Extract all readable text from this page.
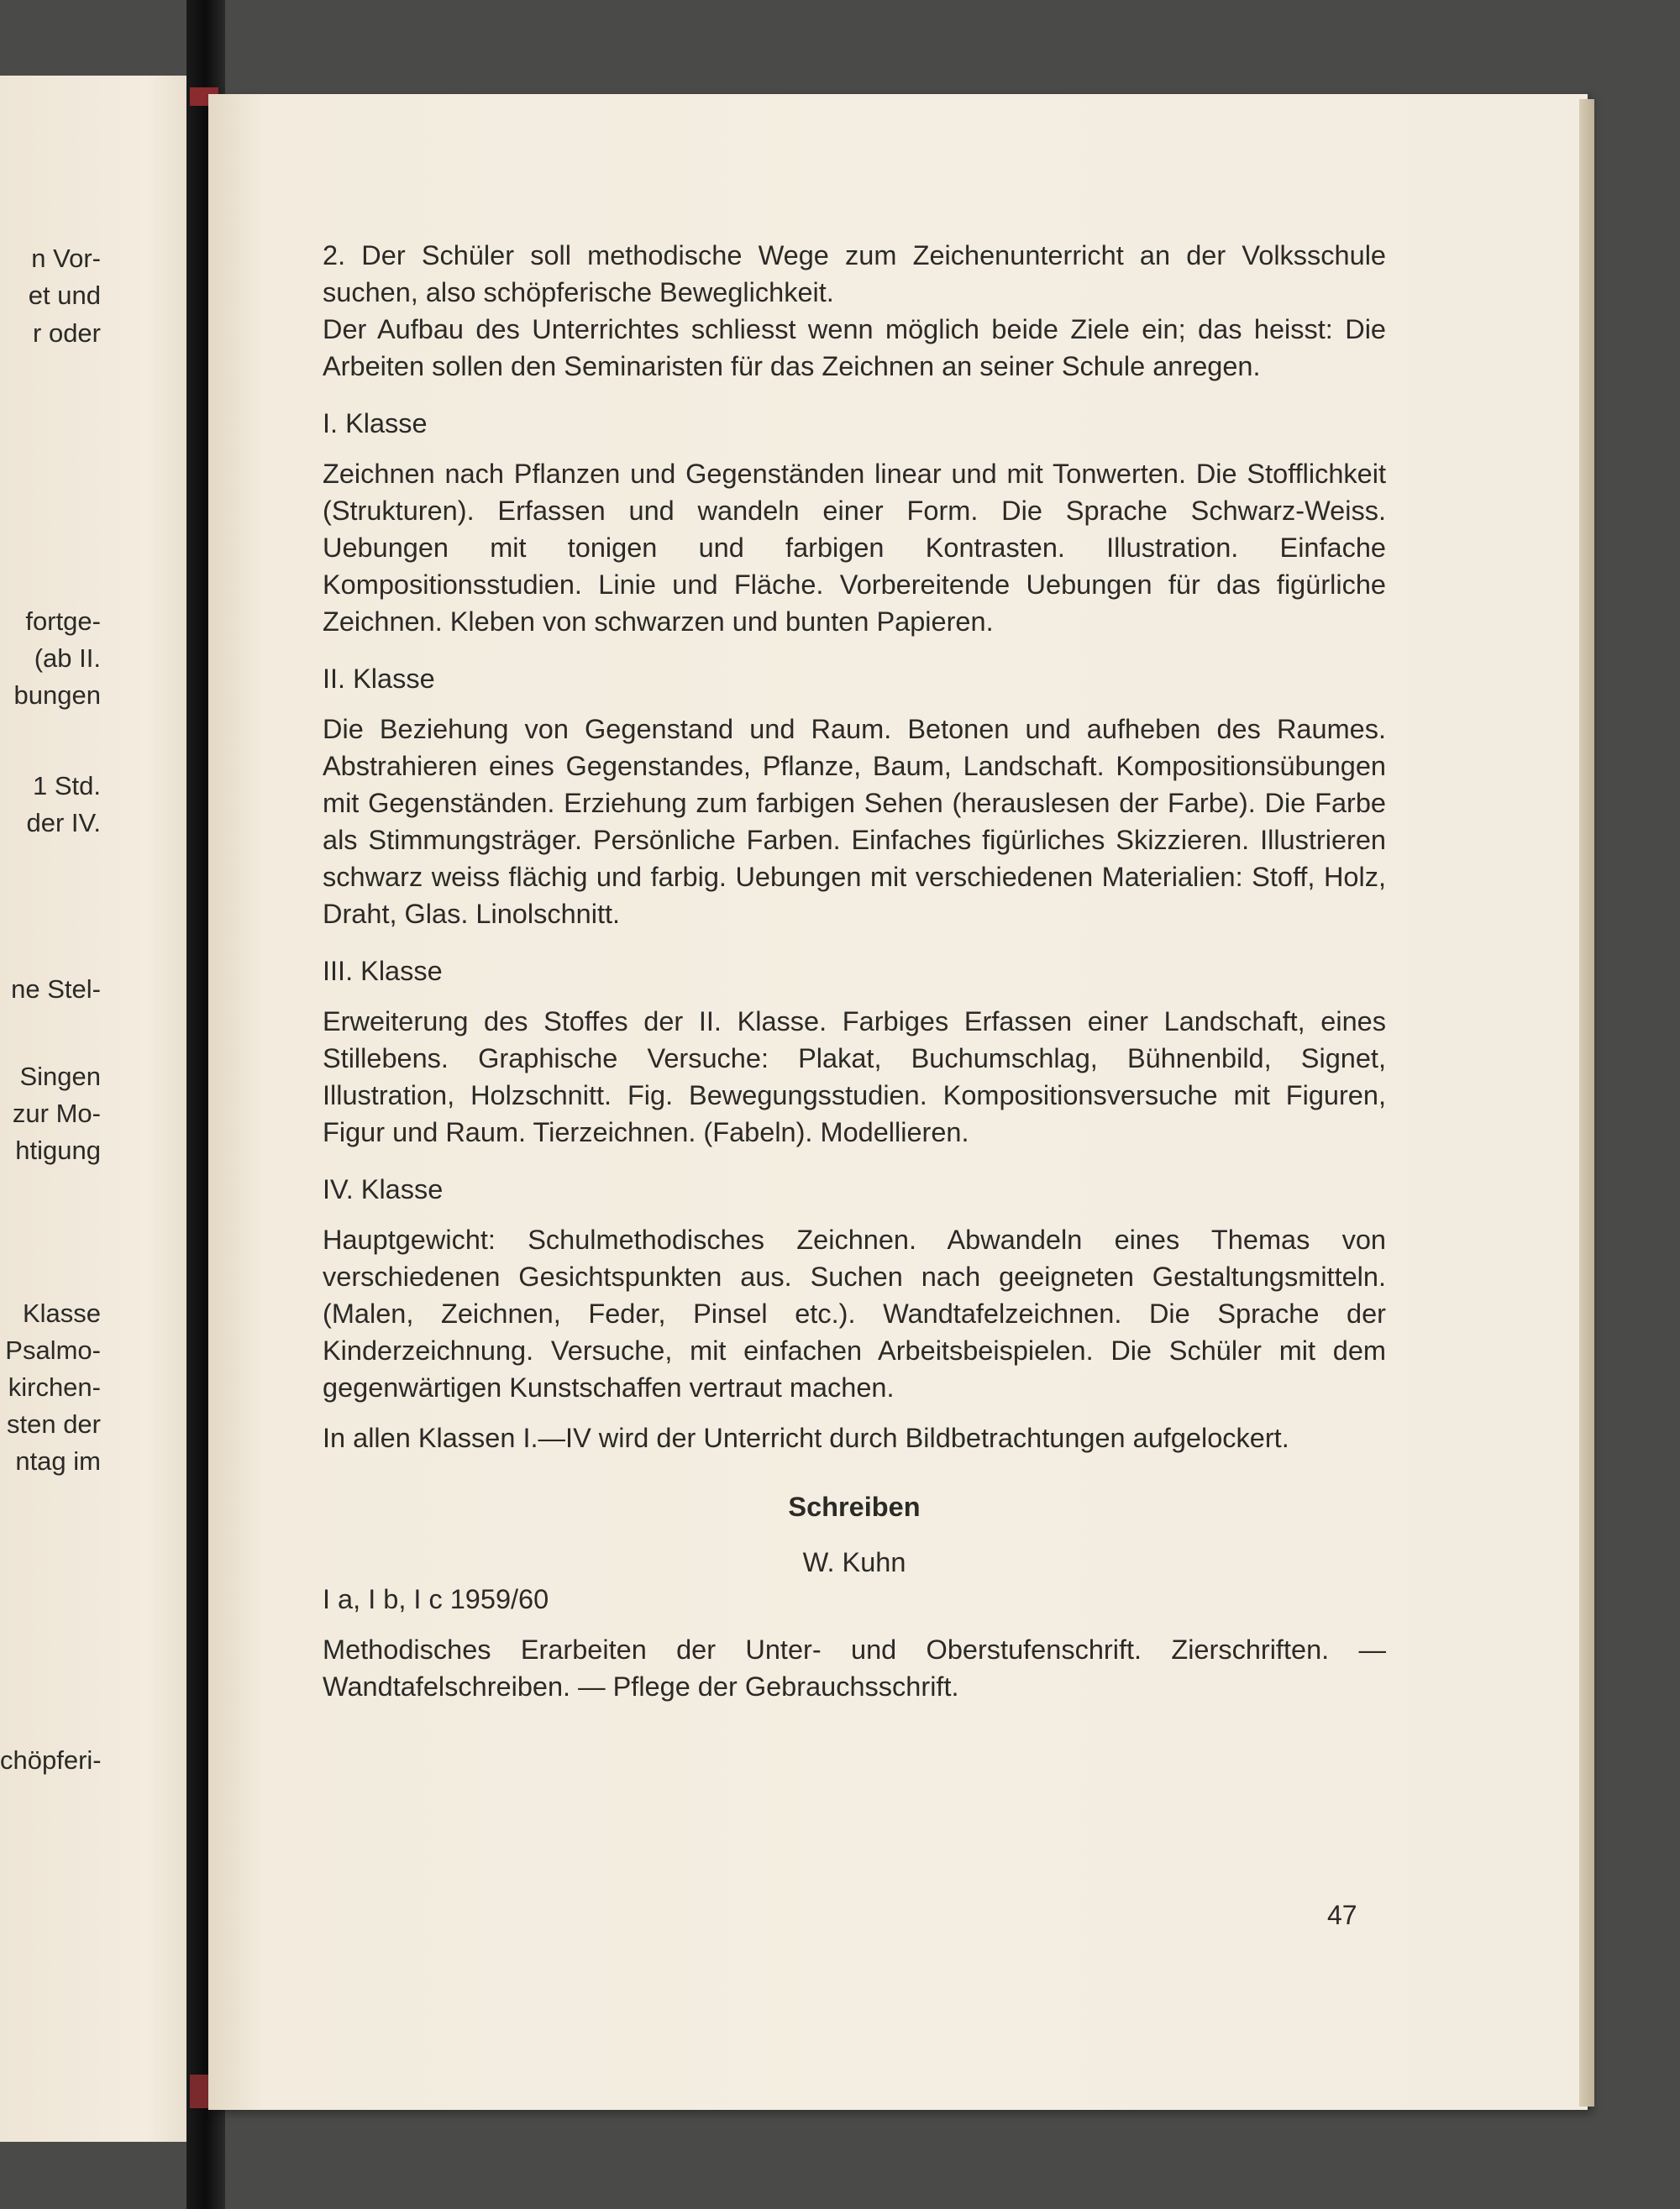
n Vor-
et und
r oder
fortge-
(ab II.
bungen
1 Std.
der IV.
ne Stel-
Singen
zur Mo-
htigung
Klasse
Psalmo-
kirchen-
sten der
ntag im
chöpferi-

2. Der Schüler soll methodische Wege zum Zeichenunterricht an der Volksschule suchen, also schöpferische Beweglichkeit.

Der Aufbau des Unterrichtes schliesst wenn möglich beide Ziele ein; das heisst: Die Arbeiten sollen den Seminaristen für das Zeichnen an seiner Schule anregen.

I. Klasse

Zeichnen nach Pflanzen und Gegenständen linear und mit Tonwerten. Die Stofflichkeit (Strukturen). Erfassen und wandeln einer Form. Die Sprache Schwarz-Weiss. Uebungen mit tonigen und farbigen Kontrasten. Illustration. Einfache Kompositionsstudien. Linie und Fläche. Vorbereitende Uebungen für das figürliche Zeichnen. Kleben von schwarzen und bunten Papieren.

II. Klasse

Die Beziehung von Gegenstand und Raum. Betonen und aufheben des Raumes. Abstrahieren eines Gegenstandes, Pflanze, Baum, Landschaft. Kompositionsübungen mit Gegenständen. Erziehung zum farbigen Sehen (herauslesen der Farbe). Die Farbe als Stimmungsträger. Persönliche Farben. Einfaches figürliches Skizzieren. Illustrieren schwarz weiss flächig und farbig. Uebungen mit verschiedenen Materialien: Stoff, Holz, Draht, Glas. Linolschnitt.

III. Klasse

Erweiterung des Stoffes der II. Klasse. Farbiges Erfassen einer Landschaft, eines Stillebens. Graphische Versuche: Plakat, Buchumschlag, Bühnenbild, Signet, Illustration, Holzschnitt. Fig. Bewegungsstudien. Kompositionsversuche mit Figuren, Figur und Raum. Tierzeichnen. (Fabeln). Modellieren.

IV. Klasse

Hauptgewicht: Schulmethodisches Zeichnen. Abwandeln eines Themas von verschiedenen Gesichtspunkten aus. Suchen nach geeigneten Gestaltungsmitteln. (Malen, Zeichnen, Feder, Pinsel etc.). Wandtafelzeichnen. Die Sprache der Kinderzeichnung. Versuche, mit einfachen Arbeitsbeispielen. Die Schüler mit dem gegenwärtigen Kunstschaffen vertraut machen.

In allen Klassen I.—IV wird der Unterricht durch Bildbetrachtungen aufgelockert.

Schreiben
W. Kuhn
I a, I b, I c 1959/60

Methodisches Erarbeiten der Unter- und Oberstufenschrift. Zierschriften. — Wandtafelschreiben. — Pflege der Gebrauchsschrift.

47
